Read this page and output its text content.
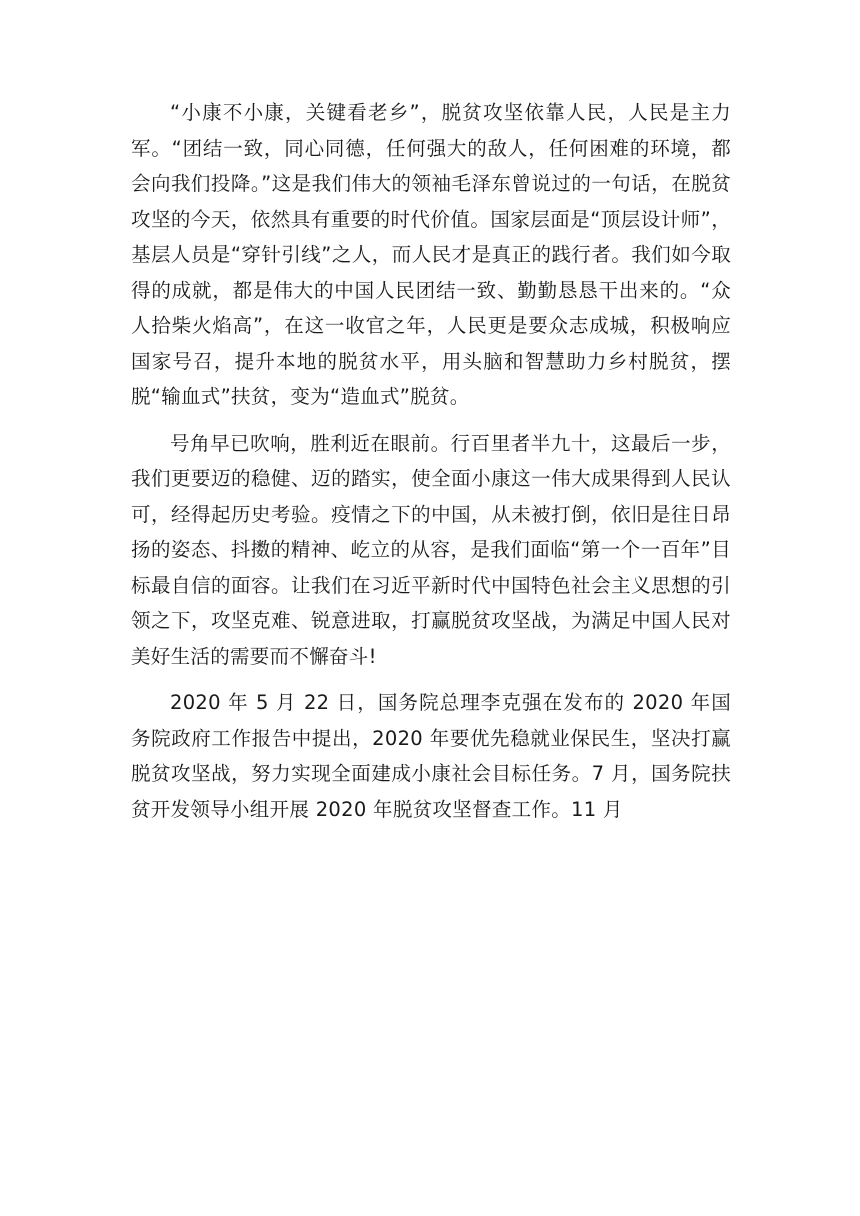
“小康不小康，关键看老乡”，脱贫攻坚依靠人民，人民是主力军。“团结一致，同心同德，任何强大的敌人，任何困难的环境，都会向我们投降。”这是我们伟大的领袖毛泽东曾说过的一句话，在脱贫攻坚的今天，依然具有重要的时代价值。国家层面是“顶层设计师”，基层人员是“穿针引线”之人，而人民才是真正的践行者。我们如今取得的成就，都是伟大的中国人民团结一致、勤勤恳恳干出来的。“众人拾柴火焰高”，在这一收官之年，人民更是要众志成城，积极响应国家号召，提升本地的脱贫水平，用头脑和智慧助力乡村脱贫，摆脱“输血式”扶贫，变为“造血式”脱贫。

号角早已吹响，胜利近在眼前。行百里者半九十，这最后一步，我们更要迈的稳健、迈的踏实，使全面小康这一伟大成果得到人民认可，经得起历史考验。疫情之下的中国，从未被打倒，依旧是往日昂扬的姿态、抖擞的精神、屹立的从容，是我们面临“第一个一百年”目标最自信的面容。让我们在习近平新时代中国特色社会主义思想的引领之下，攻坚克难、锐意进取，打赢脱贫攻坚战，为满足中国人民对美好生活的需要而不懈奋斗!

2020 年 5 月 22 日，国务院总理李克强在发布的 2020 年国务院政府工作报告中提出，2020 年要优先稳就业保民生，坚决打赢脱贫攻坚战，努力实现全面建成小康社会目标任务。7 月，国务院扶贫开发领导小组开展 2020 年脱贫攻坚督查工作。11 月
